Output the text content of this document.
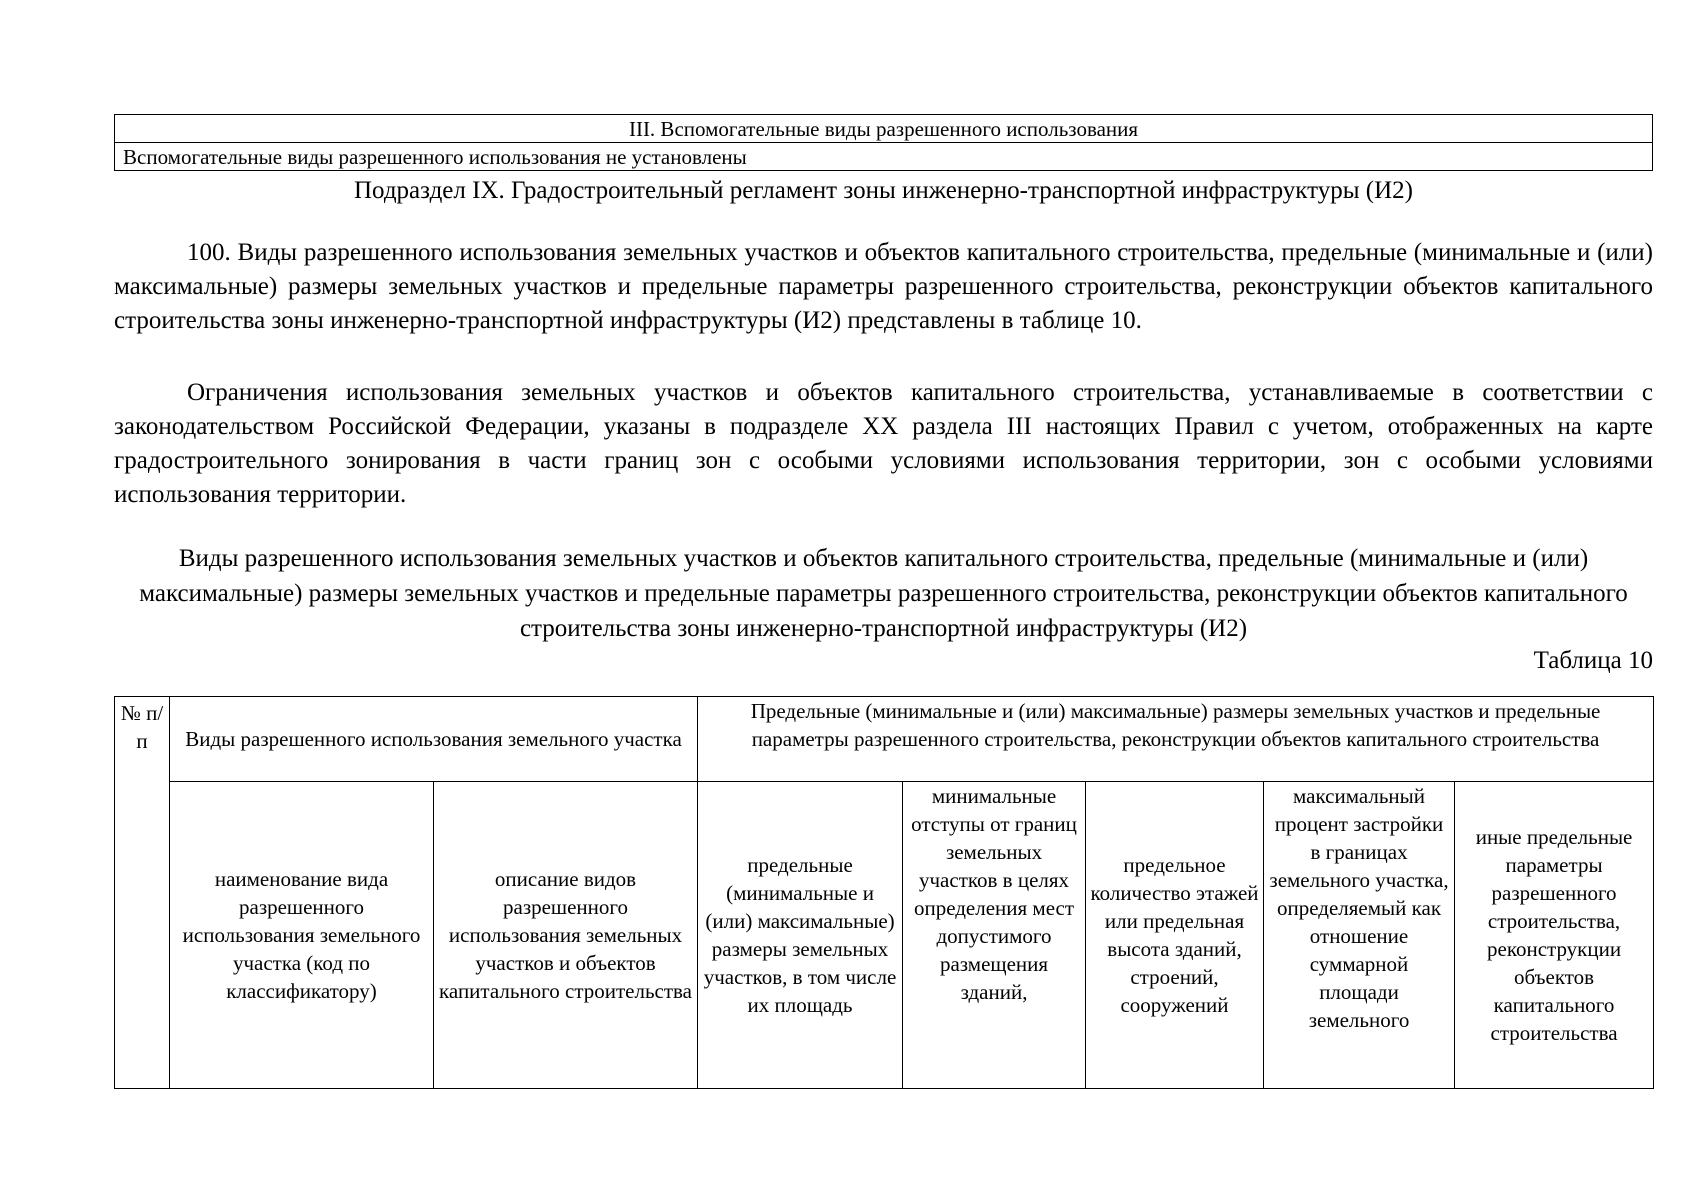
III. Вспомогательные виды разрешенного использования
Вспомогательные виды разрешенного использования не установлены
Подраздел IX. Градостроительный регламент зоны инженерно-транспортной инфраструктуры (И2)

100. Виды разрешенного использования земельных участков и объектов капитального строительства, предельные (минимальные и (или) максимальные) размеры земельных участков и предельные параметры разрешенного строительства, реконструкции объектов капитального строительства зоны инженерно-транспортной инфраструктуры (И2) представлены в таблице 10.

Ограничения использования земельных участков и объектов капитального строительства, устанавливаемые в соответствии с законодательством Российской Федерации, указаны в подразделе XX раздела III настоящих Правил с учетом, отображенных на карте градостроительного зонирования в части границ зон с особыми условиями использования территории, зон с особыми условиями использования территории.

Виды разрешенного использования земельных участков и объектов капитального строительства, предельные (минимальные и (или) максимальные) размеры земельных участков и предельные параметры разрешенного строительства, реконструкции объектов капитального строительства зоны инженерно-транспортной инфраструктуры (И2)

Таблица 10
№ п/п	Виды разрешенного использования земельного участка		Предельные (минимальные и (или) максимальные) размеры земельных участков и предельные параметры разрешенного строительства, реконструкции объектов капитального строительства				

наименование вида разрешенного использования земельного участка (код по классификатору)	описание видов разрешенного использования земельных участков и объектов капитального строительства	предельные (минимальные и (или) максимальные) размеры земельных участков, в том числе их площадь	минимальные отступы от границ земельных участков в целях определения мест допустимого размещения зданий,	предельное количество этажей или предельная высота зданий, строений, сооружений	максимальный процент застройки в границах земельного участка, определяемый как отношение суммарной площади земельного	иные предельные параметры разрешенного строительства, реконструкции объектов капитального строительства
